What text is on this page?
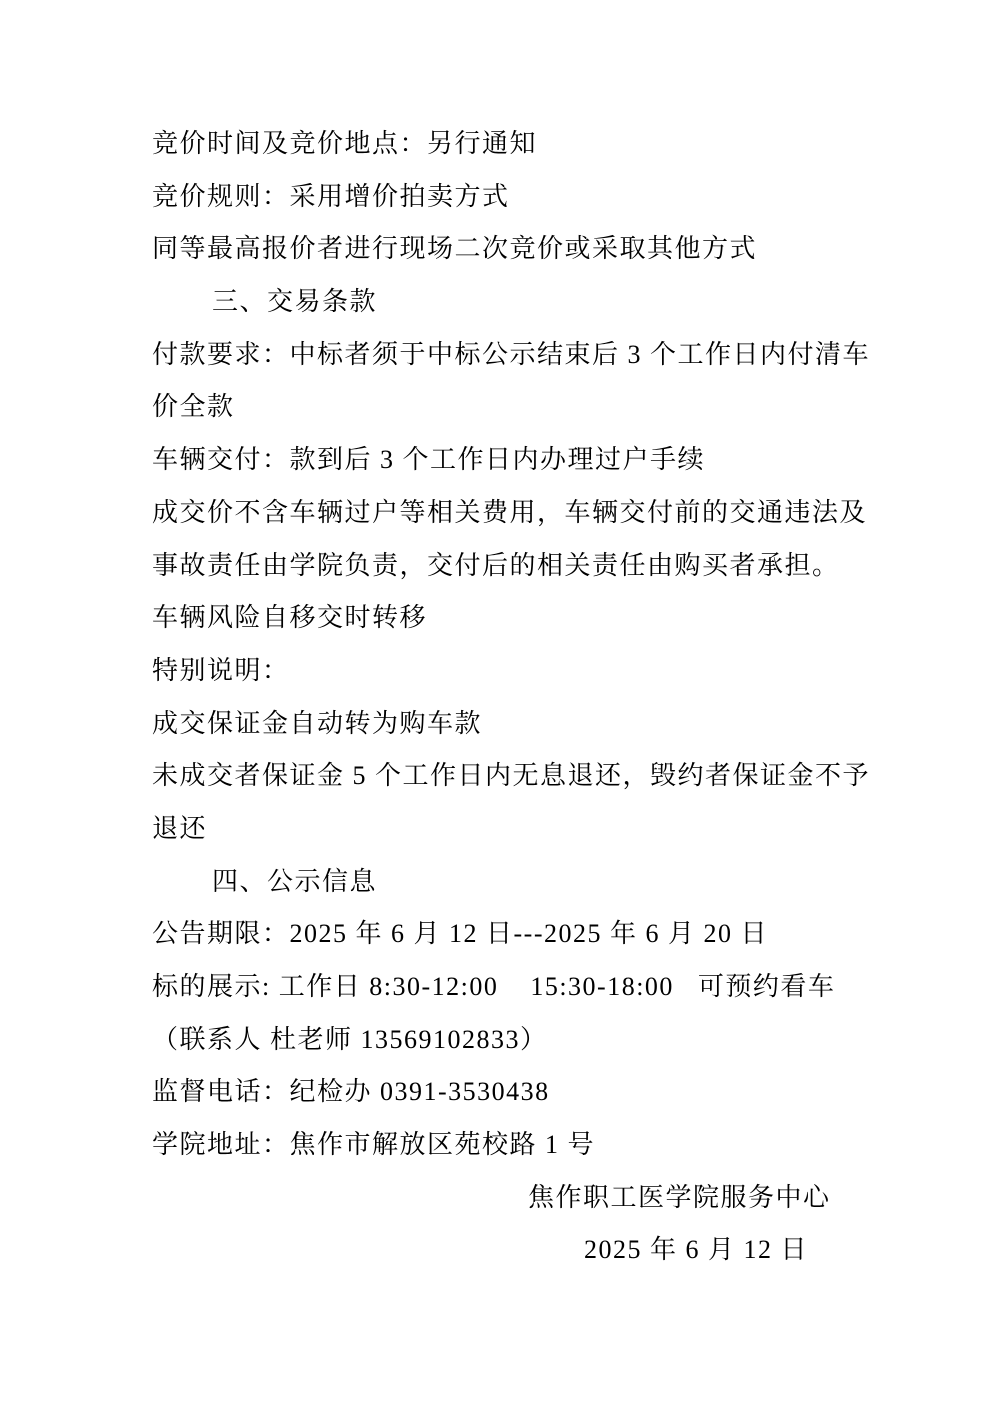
竞价时间及竞价地点：另行通知
竞价规则：采用增价拍卖方式
同等最高报价者进行现场二次竞价或采取其他方式
三、交易条款
付款要求：中标者须于中标公示结束后 3 个工作日内付清车
价全款
车辆交付：款到后 3 个工作日内办理过户手续
成交价不含车辆过户等相关费用，车辆交付前的交通违法及
事故责任由学院负责，交付后的相关责任由购买者承担。
车辆风险自移交时转移
特别说明：
成交保证金自动转为购车款
未成交者保证金 5 个工作日内无息退还，毁约者保证金不予
退还
四、公示信息
公告期限：2025 年 6 月 12 日---2025 年 6 月 20 日
标的展示: 工作日 8:30-12:00    15:30-18:00   可预约看车
（联系人 杜老师 13569102833）
监督电话：纪检办 0391-3530438
学院地址：焦作市解放区苑校路 1 号
焦作职工医学院服务中心
2025 年 6 月 12 日
